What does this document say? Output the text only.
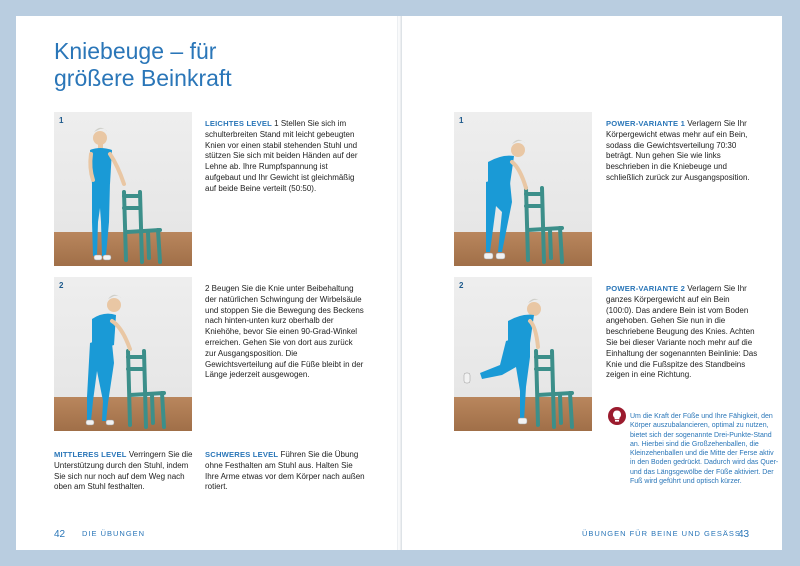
Kniebeuge – für
größere Beinkraft
1
2

LEICHTES LEVEL 1 Stellen Sie sich im schulterbreiten Stand mit leicht gebeugten Knien vor einen stabil stehenden Stuhl und stützen Sie sich mit beiden Händen auf der Lehne ab. Ihre Rumpfspannung ist aufgebaut und Ihr Gewicht ist gleichmäßig auf beide Beine verteilt (50:50).

2 Beugen Sie die Knie unter Beibehaltung der natürlichen Schwingung der Wirbelsäule und stoppen Sie die Bewegung des Beckens nach hinten-unten kurz oberhalb der Kniehöhe, bevor Sie einen 90-Grad-Winkel erreichen. Gehen Sie von dort aus zurück zur Ausgangsposition. Die Gewichtsverteilung auf die Füße bleibt in der Länge jederzeit ausgewogen.

MITTLERES LEVEL Verringern Sie die Unterstützung durch den Stuhl, indem Sie sich nur noch auf dem Weg nach oben am Stuhl festhalten.

SCHWERES LEVEL Führen Sie die Übung ohne Festhalten am Stuhl aus. Halten Sie Ihre Arme etwas vor dem Körper nach außen rotiert.

42 DIE ÜBUNGEN
1
2

POWER-VARIANTE 1 Verlagern Sie Ihr Körpergewicht etwas mehr auf ein Bein, sodass die Gewichtsverteilung 70:30 beträgt. Nun gehen Sie wie links beschrieben in die Kniebeuge und schließlich zurück zur Ausgangsposition.

POWER-VARIANTE 2 Verlagern Sie Ihr ganzes Körpergewicht auf ein Bein (100:0). Das andere Bein ist vom Boden angehoben. Gehen Sie nun in die beschriebene Beugung des Knies. Achten Sie bei dieser Variante noch mehr auf die Einhaltung der sogenannten Beinlinie: Das Knie und die Fußspitze des Standbeins zeigen in eine Richtung.

Um die Kraft der Füße und Ihre Fähigkeit, den Körper auszubalancieren, optimal zu nutzen, bietet sich der sogenannte Drei-Punkte-Stand an. Hierbei sind die Großzehenballen, die Kleinzehenballen und die Mitte der Ferse aktiv in den Boden gedrückt. Dadurch wird das Quer- und das Längsgewölbe der Füße aktiviert. Der Fuß wird geführt und optisch kürzer.

ÜBUNGEN FÜR BEINE UND GESÄSS
43
